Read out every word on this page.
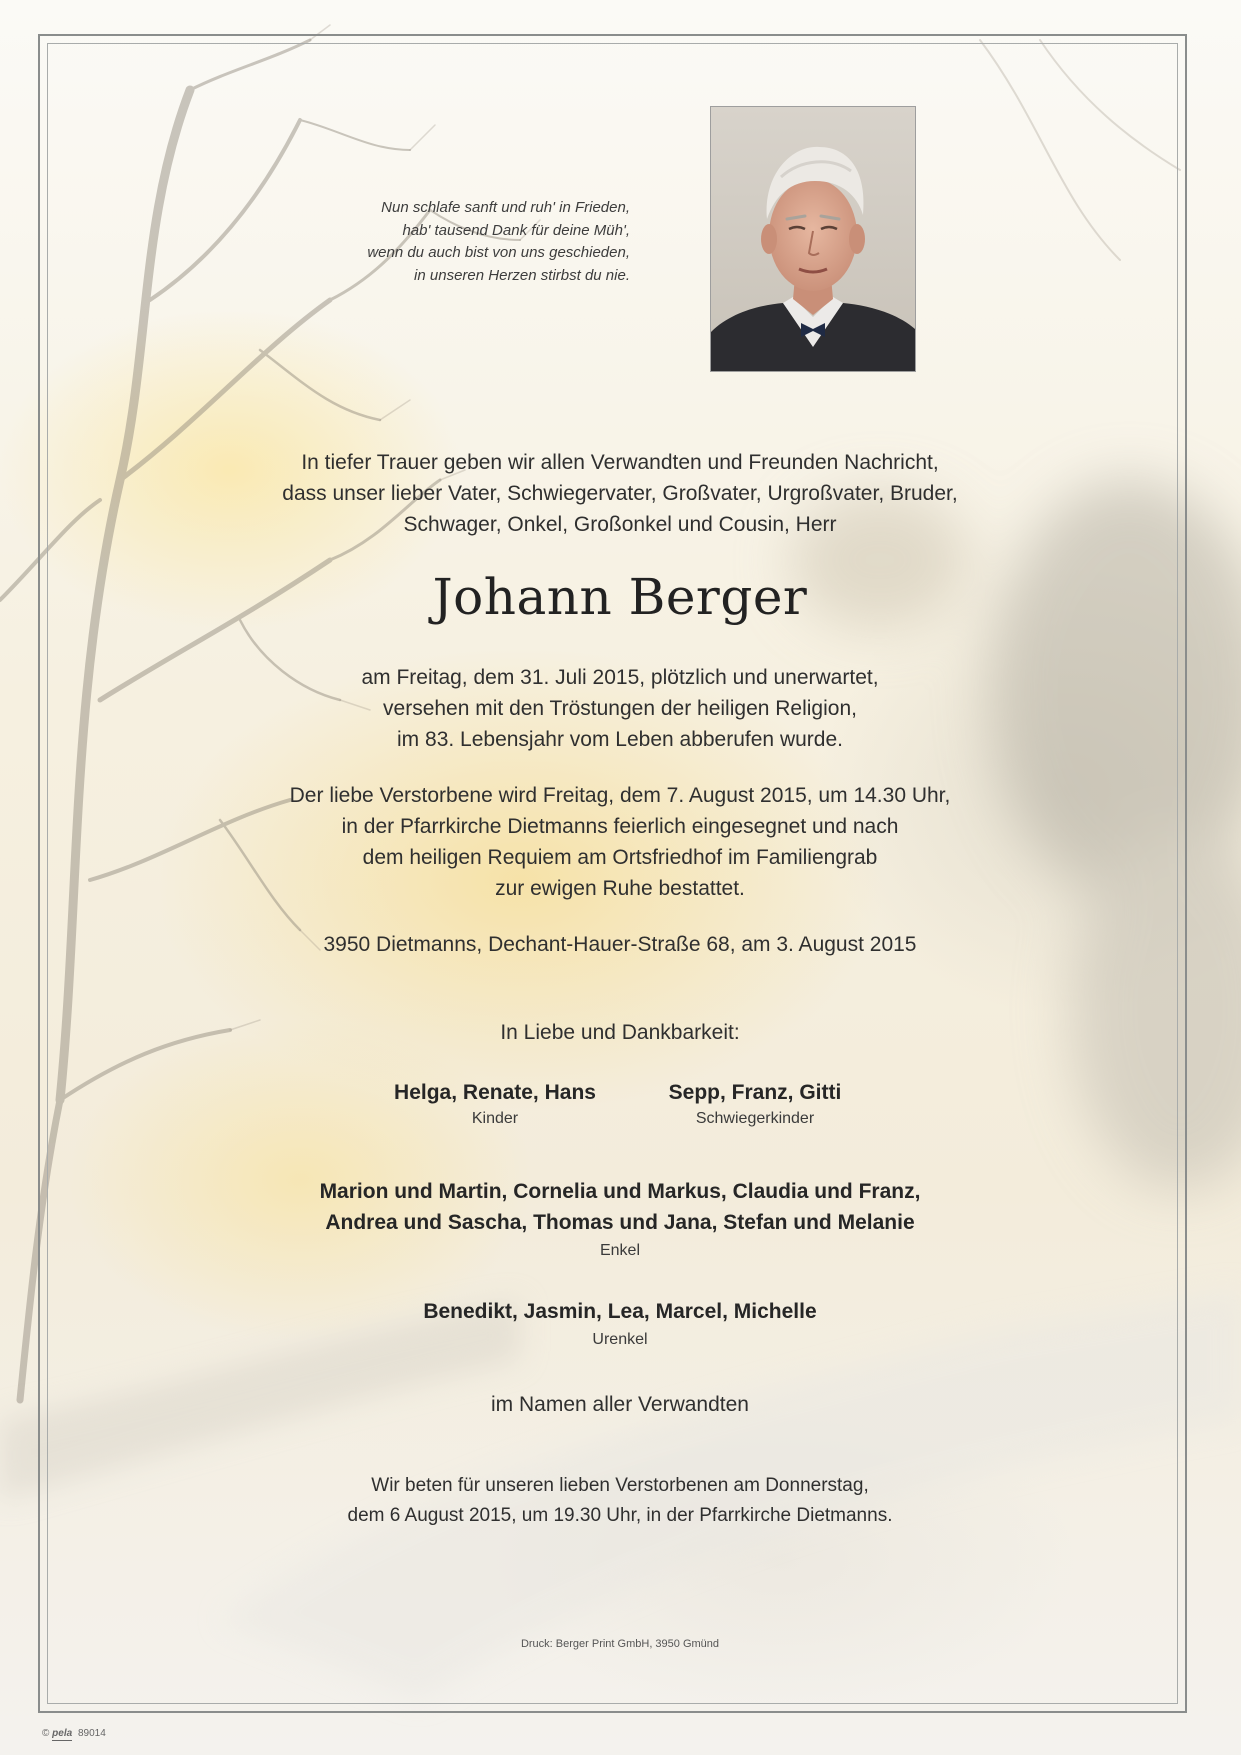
Nun schlafe sanft und ruh' in Frieden,
hab' tausend Dank für deine Müh',
wenn du auch bist von uns geschieden,
in unseren Herzen stirbst du nie.
In tiefer Trauer geben wir allen Verwandten und Freunden Nachricht,
dass unser lieber Vater, Schwiegervater, Großvater, Urgroßvater, Bruder,
Schwager, Onkel, Großonkel und Cousin, Herr
Johann Berger
am Freitag, dem 31. Juli 2015, plötzlich und unerwartet,
versehen mit den Tröstungen der heiligen Religion,
im 83. Lebensjahr vom Leben abberufen wurde.
Der liebe Verstorbene wird Freitag, dem 7. August 2015, um 14.30 Uhr,
in der Pfarrkirche Dietmanns feierlich eingesegnet und nach
dem heiligen Requiem am Ortsfriedhof im Familiengrab
zur ewigen Ruhe bestattet.
3950 Dietmanns, Dechant-Hauer-Straße 68, am 3. August 2015
In Liebe und Dankbarkeit:
Helga, Renate, Hans
Kinder
Sepp, Franz, Gitti
Schwiegerkinder
Marion und Martin, Cornelia und Markus, Claudia und Franz,
Andrea und Sascha, Thomas und Jana, Stefan und Melanie
Enkel
Benedikt, Jasmin, Lea, Marcel, Michelle
Urenkel
im Namen aller Verwandten
Wir beten für unseren lieben Verstorbenen am Donnerstag,
dem 6 August 2015, um 19.30 Uhr, in der Pfarrkirche Dietmanns.
Druck: Berger Print GmbH, 3950 Gmünd
© pela 89014
